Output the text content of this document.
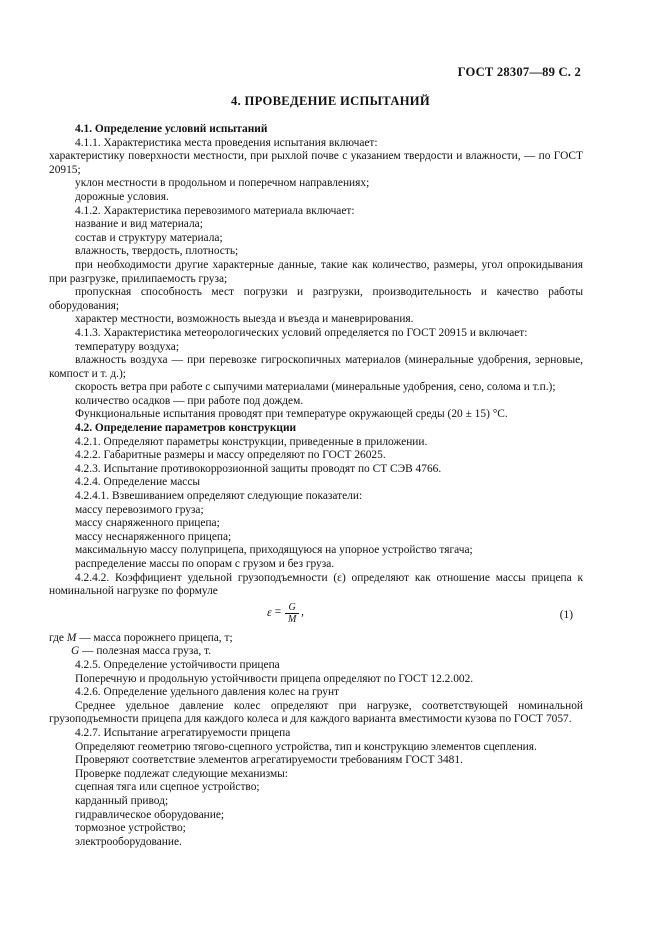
ГОСТ 28307—89 С. 2
4. ПРОВЕДЕНИЕ ИСПЫТАНИЙ

4.1. Определение условий испытаний

4.1.1. Характеристика места проведения испытания включает:

характеристику поверхности местности, при рыхлой почве с указанием твердости и влажности, — по ГОСТ 20915;

уклон местности в продольном и поперечном направлениях;

дорожные условия.

4.1.2. Характеристика перевозимого материала включает:

название и вид материала;

состав и структуру материала;

влажность, твердость, плотность;

при необходимости другие характерные данные, такие как количество, размеры, угол опрокидывания при разгрузке, прилипаемость груза;

пропускная способность мест погрузки и разгрузки, производительность и качество работы оборудования;

характер местности, возможность выезда и въезда и маневрирования.

4.1.3. Характеристика метеорологических условий определяется по ГОСТ 20915 и включает:

температуру воздуха;

влажность воздуха — при перевозке гигроскопичных материалов (минеральные удобрения, зерновые, компост и т. д.);

скорость ветра при работе с сыпучими материалами (минеральные удобрения, сено, солома и т.п.);

количество осадков — при работе под дождем.

Функциональные испытания проводят при температуре окружающей среды (20 ± 15) °С.

4.2. Определение параметров конструкции

4.2.1. Определяют параметры конструкции, приведенные в приложении.

4.2.2. Габаритные размеры и массу определяют по ГОСТ 26025.

4.2.3. Испытание противокоррозионной защиты проводят по СТ СЭВ 4766.

4.2.4. Определение массы

4.2.4.1. Взвешиванием определяют следующие показатели:

массу перевозимого груза;

массу снаряженного прицепа;

массу неснаряженного прицепа;

максимальную массу полуприцепа, приходящуюся на упорное устройство тягача;

распределение массы по опорам с грузом и без груза.

4.2.4.2. Коэффициент удельной грузоподъемности (ε) определяют как отношение массы прицепа к номинальной нагрузке по формуле

$\varepsilon = \frac{G}{M}$ ,	(1)

где M — масса порожнего прицепа, т;

G — полезная масса груза, т.

4.2.5. Определение устойчивости прицепа

Поперечную и продольную устойчивости прицепа определяют по ГОСТ 12.2.002.

4.2.6. Определение удельного давления колес на грунт

Среднее удельное давление колес определяют при нагрузке, соответствующей номинальной грузоподъемности прицепа для каждого колеса и для каждого варианта вместимости кузова по ГОСТ 7057.

4.2.7. Испытание агрегатируемости прицепа

Определяют геометрию тягово-сцепного устройства, тип и конструкцию элементов сцепления.

Проверяют соответствие элементов агрегатируемости требованиям ГОСТ 3481.

Проверке подлежат следующие механизмы:

сцепная тяга или сцепное устройство;

карданный привод;

гидравлическое оборудование;

тормозное устройство;

электрооборудование.
